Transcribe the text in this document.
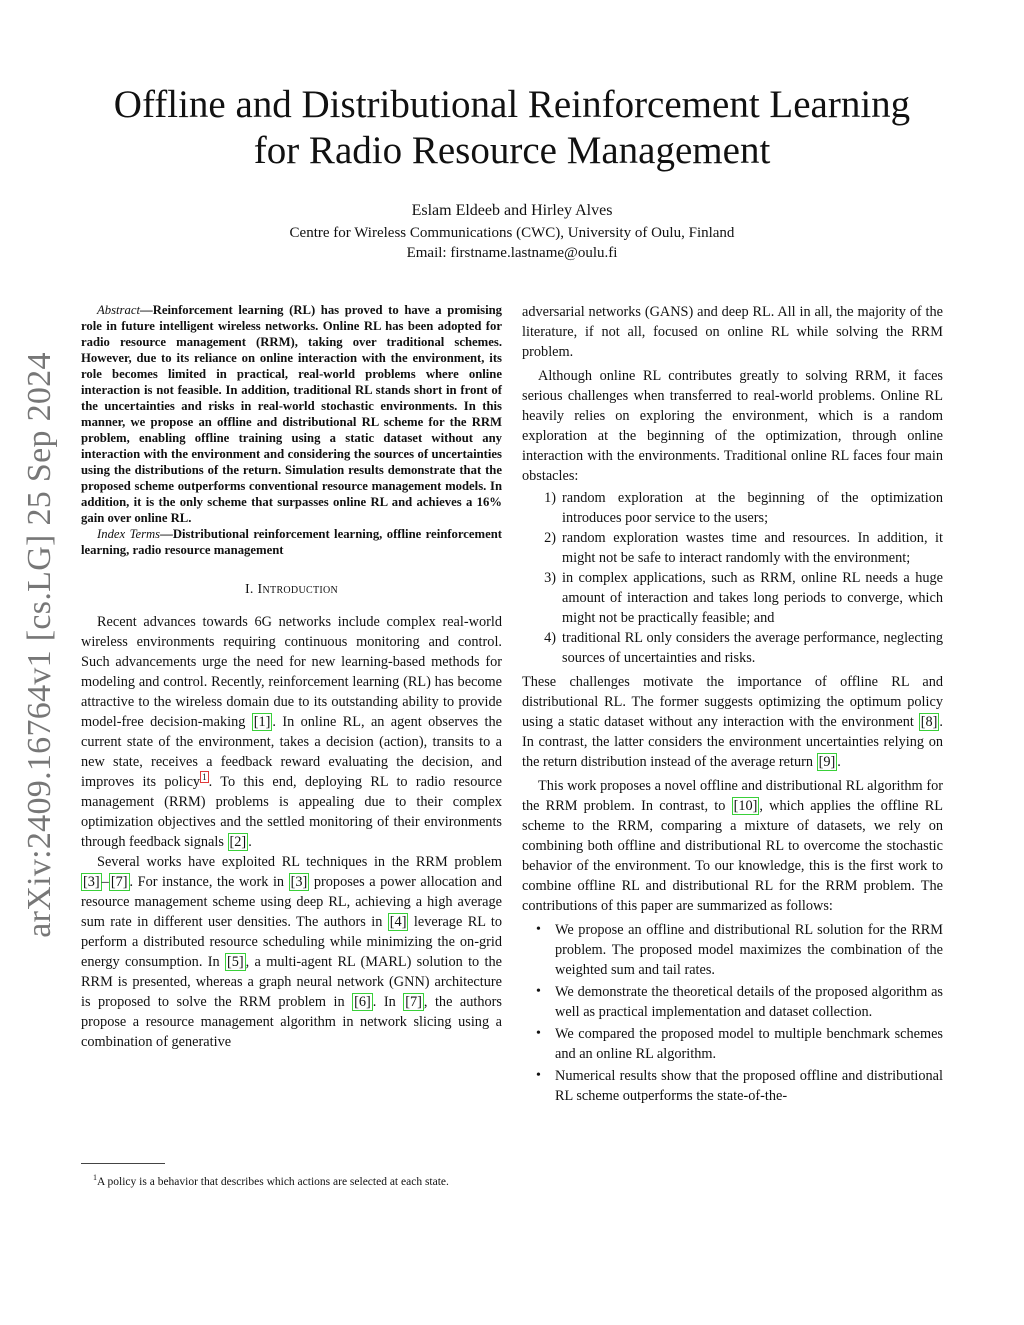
arXiv:2409.16764v1 [cs.LG] 25 Sep 2024
Offline and Distributional Reinforcement Learning
for Radio Resource Management
Eslam Eldeeb and Hirley Alves
Centre for Wireless Communications (CWC), University of Oulu, Finland
Email: firstname.lastname@oulu.fi

Abstract—Reinforcement learning (RL) has proved to have a promising role in future intelligent wireless networks. Online RL has been adopted for radio resource management (RRM), taking over traditional schemes. However, due to its reliance on online interaction with the environment, its role becomes limited in practical, real-world problems where online interaction is not feasible. In addition, traditional RL stands short in front of the uncertainties and risks in real-world stochastic environments. In this manner, we propose an offline and distributional RL scheme for the RRM problem, enabling offline training using a static dataset without any interaction with the environment and considering the sources of uncertainties using the distributions of the return. Simulation results demonstrate that the proposed scheme outperforms conventional resource management models. In addition, it is the only scheme that surpasses online RL and achieves a 16% gain over online RL.

Index Terms—Distributional reinforcement learning, offline reinforcement learning, radio resource management

I. Introduction

Recent advances towards 6G networks include complex real-world wireless environments requiring continuous monitoring and control. Such advancements urge the need for new learning-based methods for modeling and control. Recently, reinforcement learning (RL) has become attractive to the wireless domain due to its outstanding ability to provide model-free decision-making [1] . In online RL, an agent observes the current state of the environment, takes a decision (action), transits to a new state, receives a feedback reward evaluating the decision, and improves its policy $^1$ . To this end, deploying RL to radio resource management (RRM) problems is appealing due to their complex optimization objectives and the settled monitoring of their environments through feedback signals [2] .

Several works have exploited RL techniques in the RRM problem [3] – [7] . For instance, the work in [3] proposes a power allocation and resource management scheme using deep RL, achieving a high average sum rate in different user densities. The authors in [4] leverage RL to perform a distributed resource scheduling while minimizing the on-grid energy consumption. In [5] , a multi-agent RL (MARL) solution to the RRM is presented, whereas a graph neural network (GNN) architecture is proposed to solve the RRM problem in [6] . In [7] , the authors propose a resource management algorithm in network slicing using a combination of generative

$^1$A policy is a behavior that describes which actions are selected at each state.

adversarial networks (GANS) and deep RL. All in all, the majority of the literature, if not all, focused on online RL while solving the RRM problem.

Although online RL contributes greatly to solving RRM, it faces serious challenges when transferred to real-world problems. Online RL heavily relies on exploring the environment, which is a random exploration at the beginning of the optimization, through online interaction with the environments. Traditional online RL faces four main obstacles:

1) random exploration at the beginning of the optimization introduces poor service to the users;
2) random exploration wastes time and resources. In addition, it might not be safe to interact randomly with the environment;
3) in complex applications, such as RRM, online RL needs a huge amount of interaction and takes long periods to converge, which might not be practically feasible; and
4) traditional RL only considers the average performance, neglecting sources of uncertainties and risks.

These challenges motivate the importance of offline RL and distributional RL. The former suggests optimizing the optimum policy using a static dataset without any interaction with the environment [8] . In contrast, the latter considers the environment uncertainties relying on the return distribution instead of the average return [9] .

This work proposes a novel offline and distributional RL algorithm for the RRM problem. In contrast, to [10] , which applies the offline RL scheme to the RRM, comparing a mixture of datasets, we rely on combining both offline and distributional RL to overcome the stochastic behavior of the environment. To our knowledge, this is the first work to combine offline RL and distributional RL for the RRM problem. The contributions of this paper are summarized as follows:

• We propose an offline and distributional RL solution for the RRM problem. The proposed model maximizes the combination of the weighted sum and tail rates.
• We demonstrate the theoretical details of the proposed algorithm as well as practical implementation and dataset collection.
• We compared the proposed model to multiple benchmark schemes and an online RL algorithm.
• Numerical results show that the proposed offline and distributional RL scheme outperforms the state-of-the-
